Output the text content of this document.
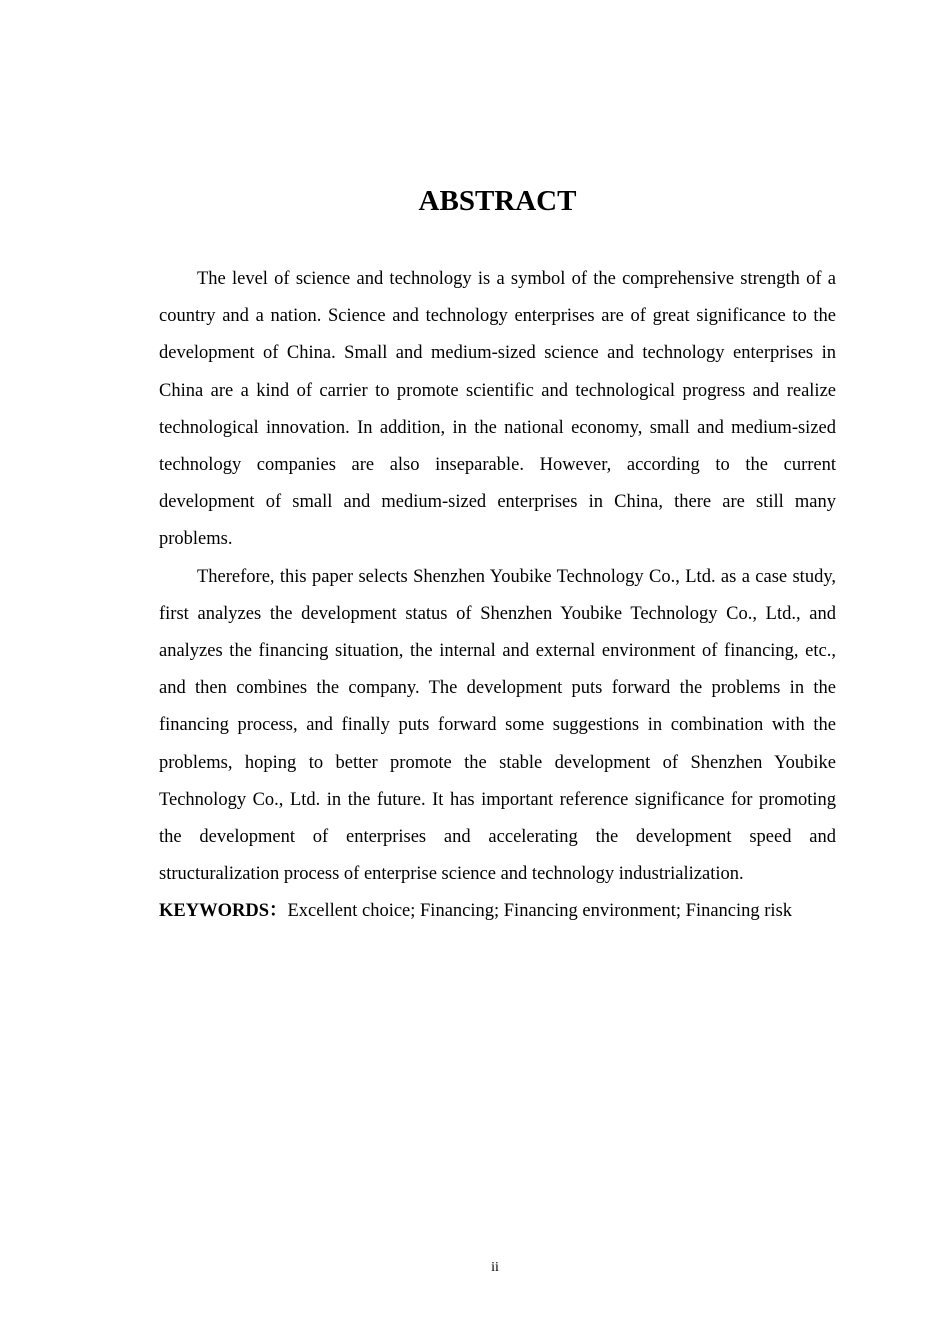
ABSTRACT

The level of science and technology is a symbol of the comprehensive strength of a country and a nation. Science and technology enterprises are of great significance to the development of China. Small and medium-sized science and technology enterprises in China are a kind of carrier to promote scientific and technological progress and realize technological innovation. In addition, in the national economy, small and medium-sized technology companies are also inseparable. However, according to the current development of small and medium-sized enterprises in China, there are still many problems.

Therefore, this paper selects Shenzhen Youbike Technology Co., Ltd. as a case study, first analyzes the development status of Shenzhen Youbike Technology Co., Ltd., and analyzes the financing situation, the internal and external environment of financing, etc., and then combines the company. The development puts forward the problems in the financing process, and finally puts forward some suggestions in combination with the problems, hoping to better promote the stable development of Shenzhen Youbike Technology Co., Ltd. in the future. It has important reference significance for promoting the development of enterprises and accelerating the development speed and structuralization process of enterprise science and technology industrialization.

KEYWORDS：Excellent choice; Financing; Financing environment; Financing risk

ii
